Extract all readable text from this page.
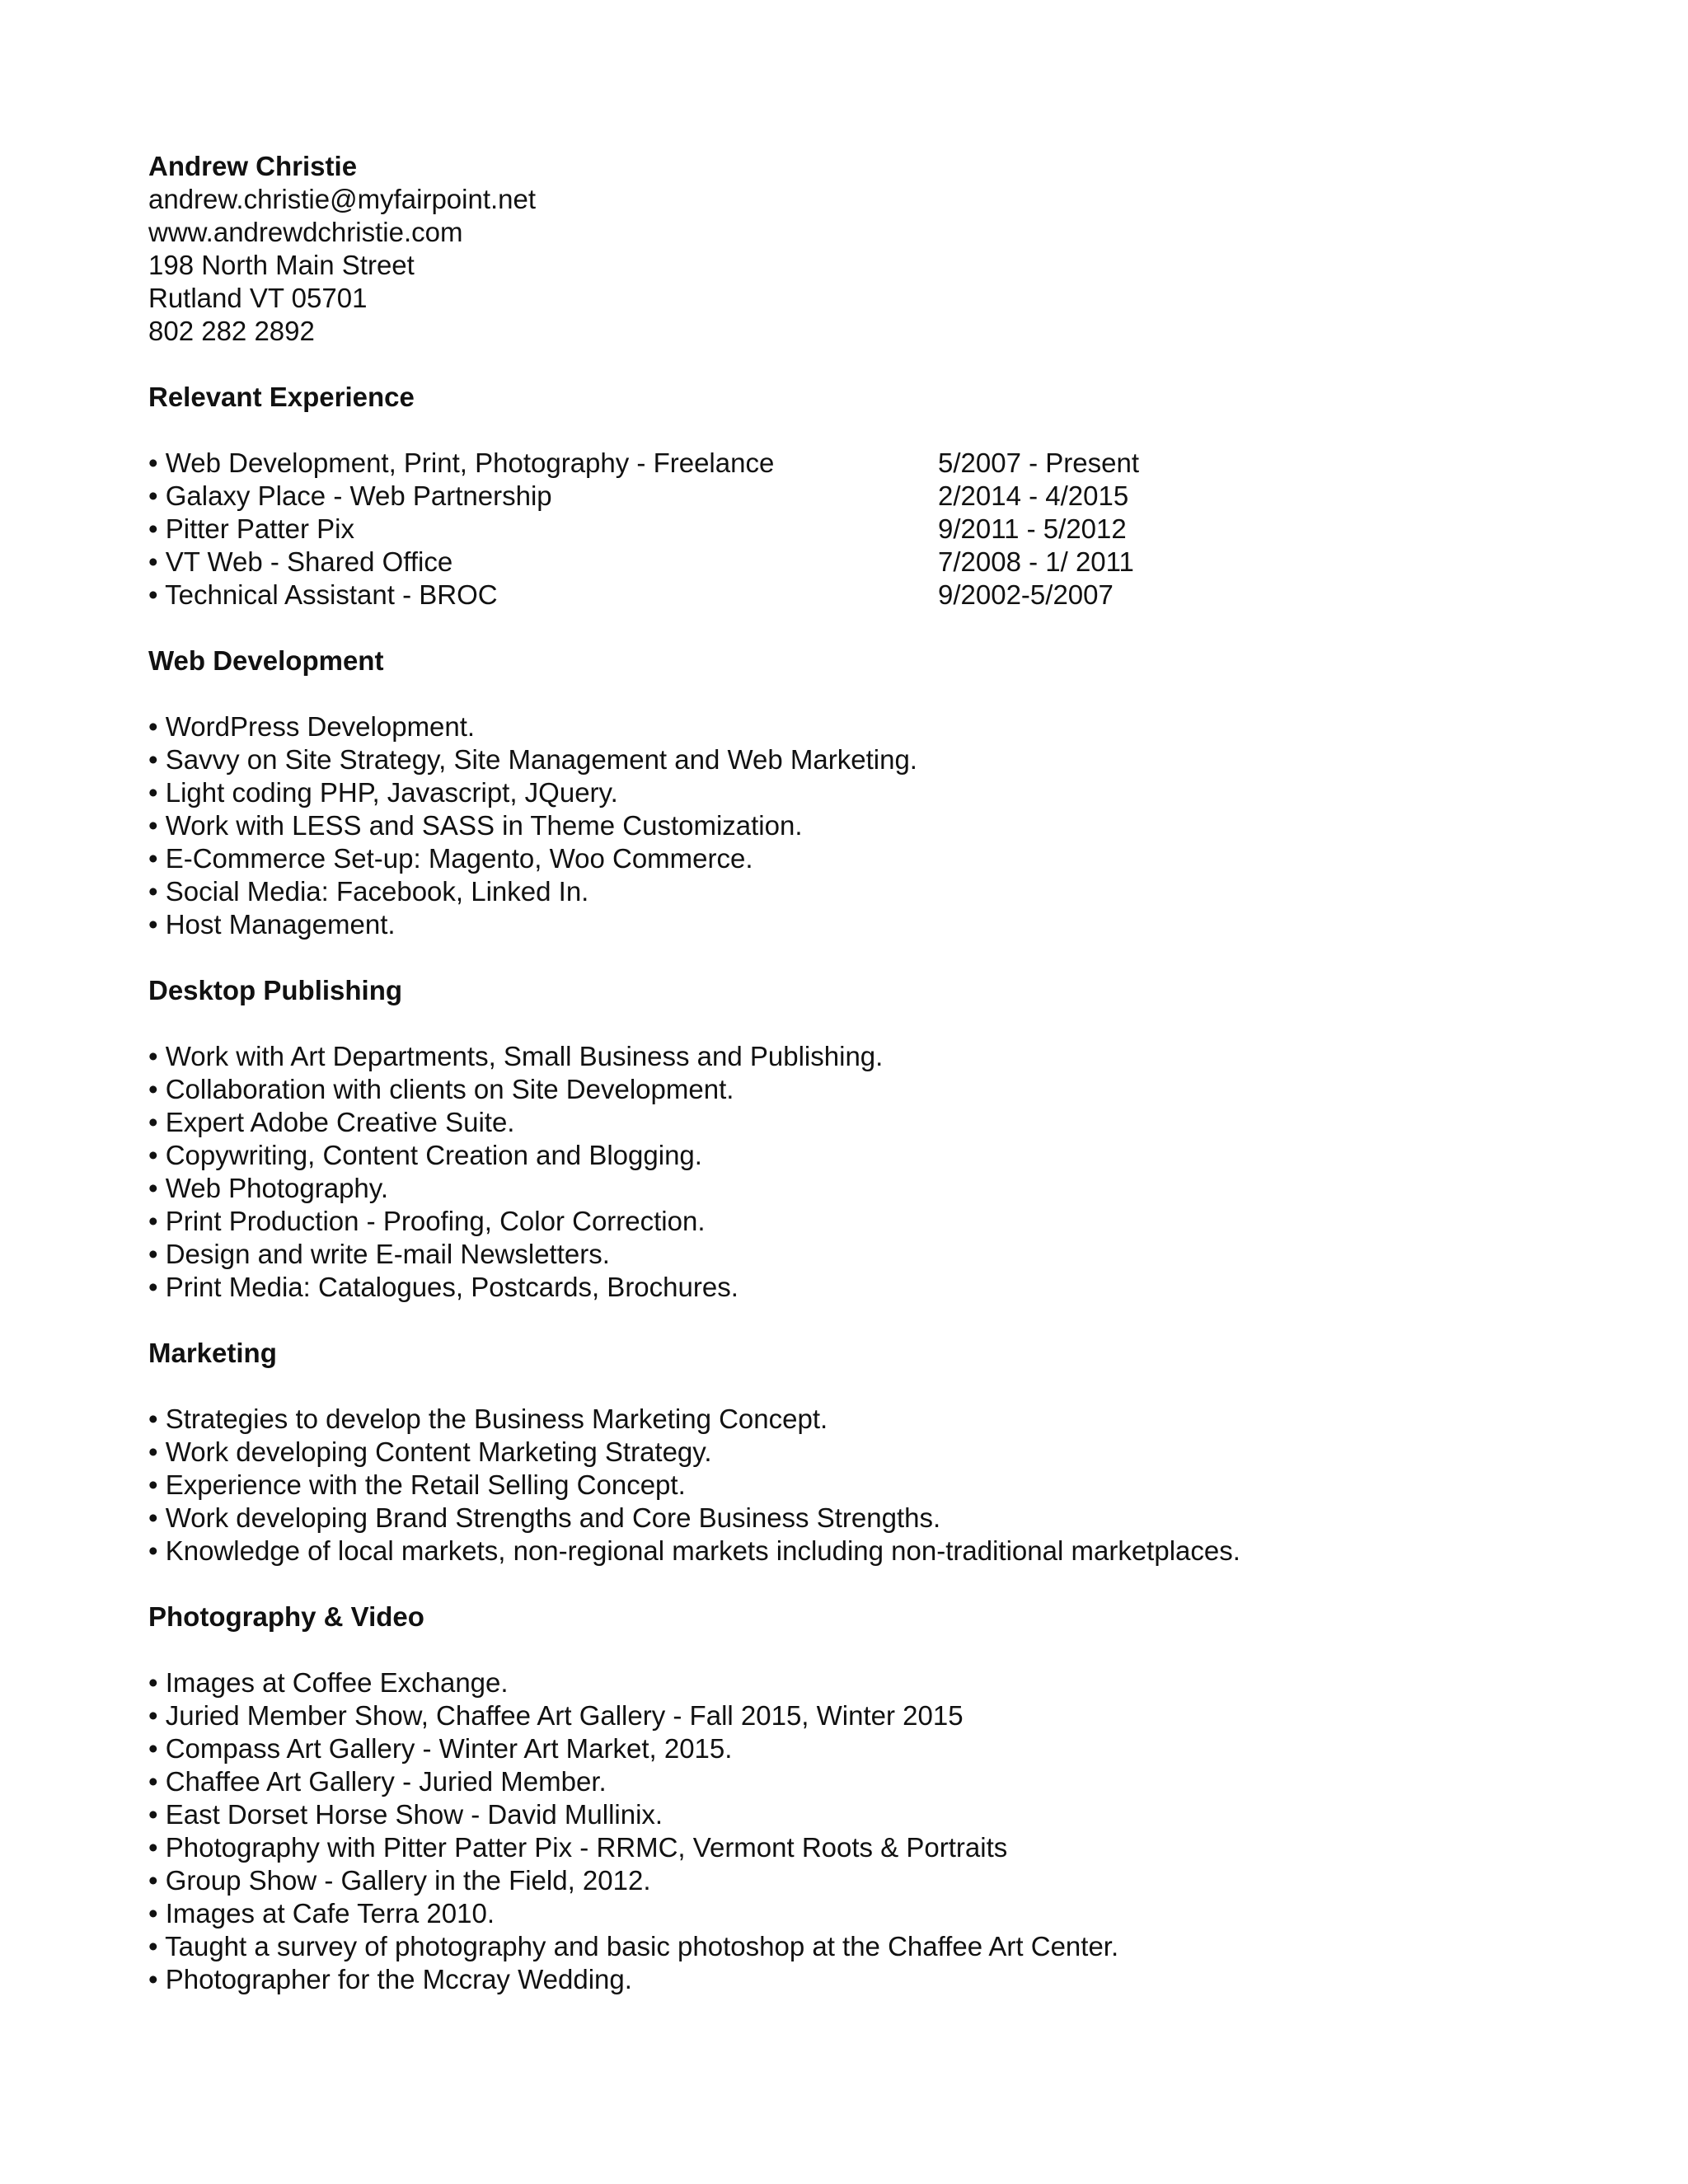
Andrew Christie
andrew.christie@myfairpoint.net
www.andrewdchristie.com
198 North Main Street
Rutland VT 05701
802 282 2892
Relevant Experience
• Web Development, Print, Photography - Freelance	5/2007 - Present
• Galaxy Place - Web Partnership	2/2014 - 4/2015
• Pitter Patter Pix	9/2011 - 5/2012
• VT Web - Shared Office	7/2008 - 1/ 2011
• Technical Assistant - BROC	9/2002-5/2007
Web Development
• WordPress Development.
• Savvy on Site Strategy, Site Management and Web Marketing.
• Light coding PHP, Javascript, JQuery.
• Work with LESS and SASS in Theme Customization.
• E-Commerce Set-up: Magento, Woo Commerce.
• Social Media: Facebook, Linked In.
• Host Management.
Desktop Publishing
• Work with Art Departments, Small Business and Publishing.
• Collaboration with clients on Site Development.
• Expert Adobe Creative Suite.
• Copywriting, Content Creation and Blogging.
• Web Photography.
• Print Production - Proofing, Color Correction.
• Design and write E-mail Newsletters.
• Print Media: Catalogues, Postcards, Brochures.
Marketing
• Strategies to develop the Business Marketing Concept.
• Work developing Content Marketing Strategy.
• Experience with the Retail Selling Concept.
• Work developing Brand Strengths and Core Business Strengths.
• Knowledge of local markets, non-regional markets including non-traditional marketplaces.
Photography & Video
• Images at Coffee Exchange.
• Juried Member Show, Chaffee Art Gallery - Fall 2015, Winter 2015
• Compass Art Gallery - Winter Art Market, 2015.
• Chaffee Art Gallery - Juried Member.
• East Dorset Horse Show - David Mullinix.
• Photography with Pitter Patter Pix - RRMC, Vermont Roots & Portraits
• Group Show - Gallery in the Field, 2012.
• Images at Cafe Terra 2010.
• Taught a survey of photography and basic photoshop at the Chaffee Art Center.
• Photographer for the Mccray Wedding.
